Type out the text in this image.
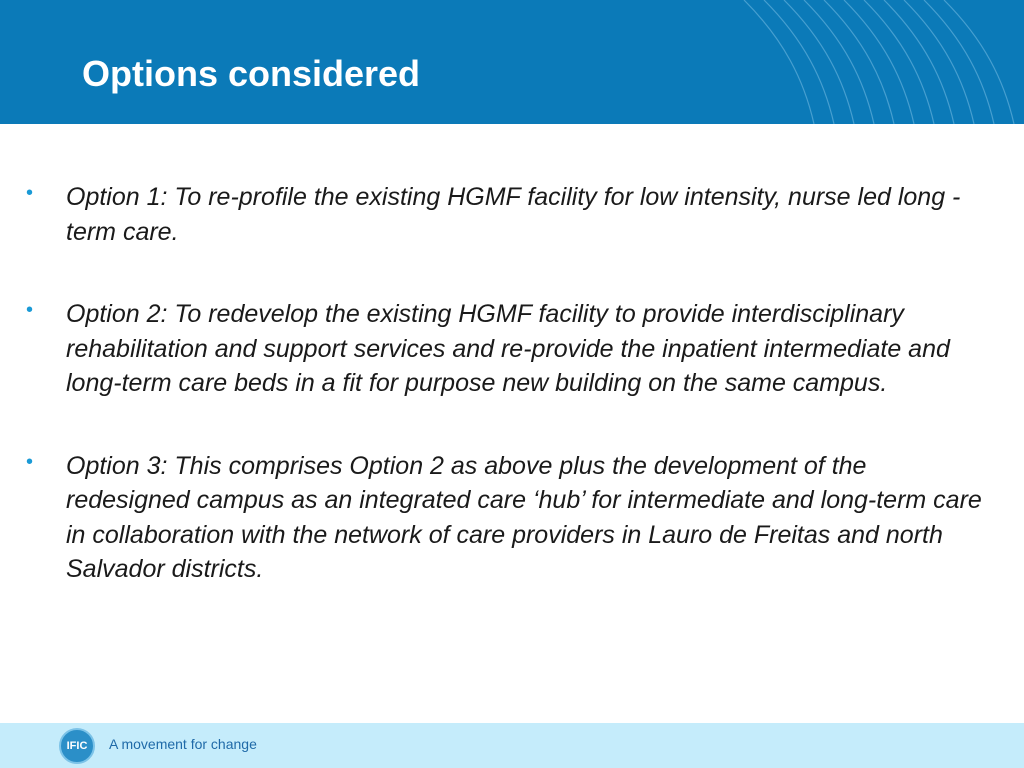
Options considered
• Option 1: To re-profile the existing HGMF facility for low intensity, nurse led long - term care.
• Option 2: To redevelop the existing HGMF facility to provide interdisciplinary rehabilitation and support services and re-provide the inpatient intermediate and long-term care beds in a fit for purpose new building on the same campus.
• Option 3: This comprises Option 2 as above plus the development of the redesigned campus as an integrated care ‘hub’ for intermediate and long-term care in collaboration with the network of care providers in Lauro de Freitas and north Salvador districts.
IFIC	A movement for change
